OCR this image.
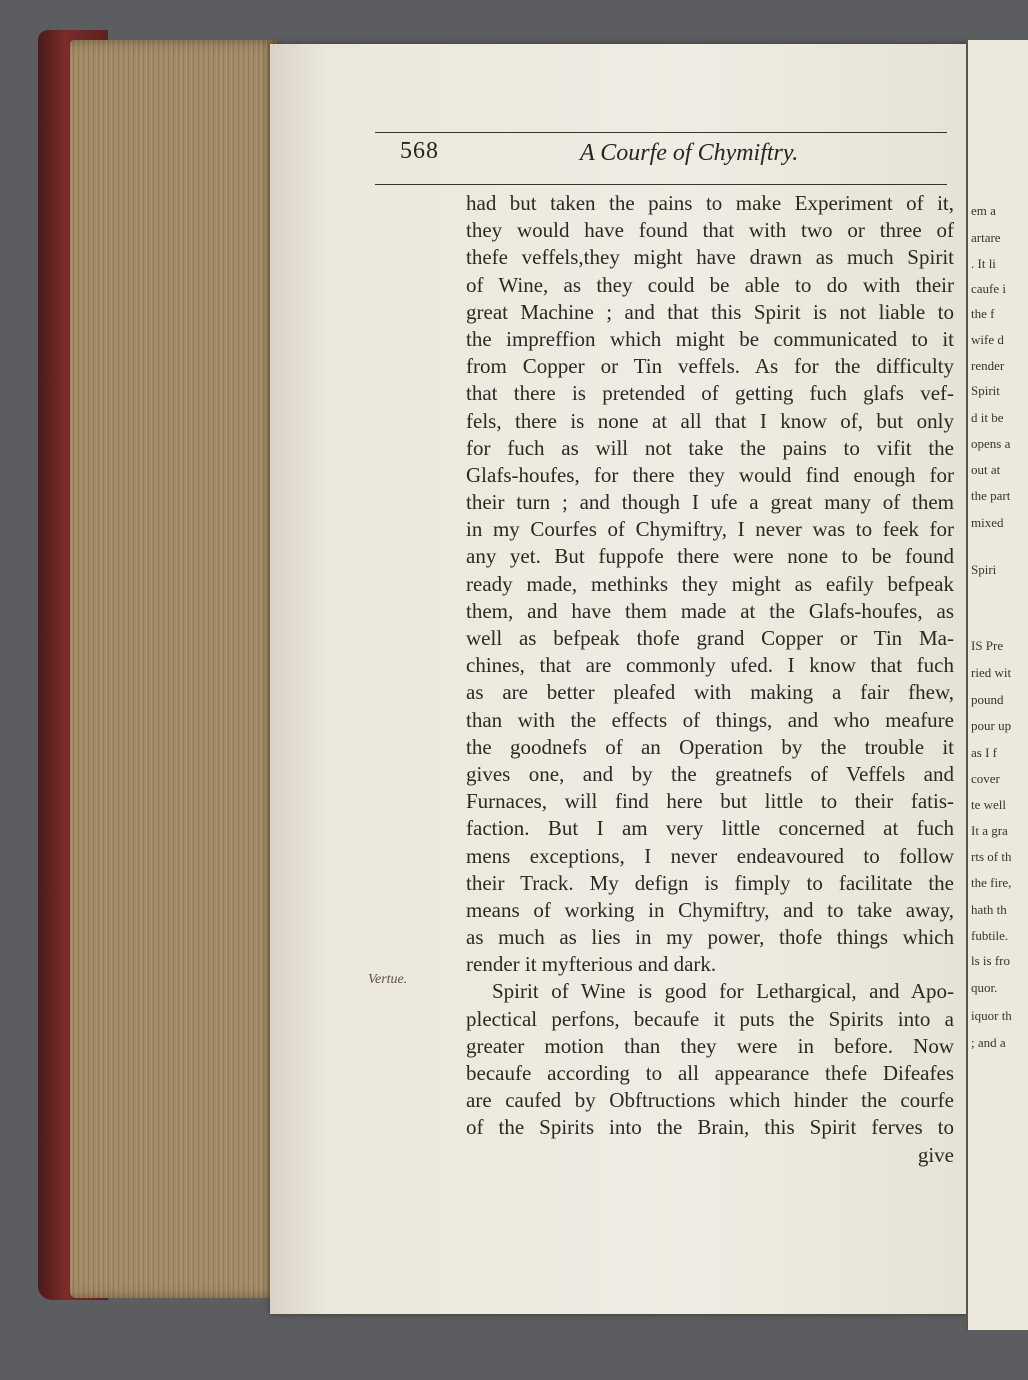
em a
artare
. It li
caufe i
the f
wife d
render
Spirit
d it be
opens a
out at
the part
mixed
Spiri
IS Pre
ried wit
pound
pour up
as I f
cover
te well
It a gra
rts of th
the fire,
hath th
fubtile.
ls is fro
quor.
iquor th
; and a
568	A Courfe of Chymiftry.
Vertue.
had but taken the pains to make Experiment of it,
they would have found that with two or three of
thefe veffels,they might have drawn as much Spirit
of Wine, as they could be able to do with their
great Machine ; and that this Spirit is not liable to
the impreffion which might be communicated to it
from Copper or Tin veffels. As for the difficulty
that there is pretended of getting fuch glafs vef-
fels, there is none at all that I know of, but only
for fuch as will not take the pains to vifit the
Glafs-houfes, for there they would find enough for
their turn ; and though I ufe a great many of them
in my Courfes of Chymiftry, I never was to feek for
any yet. But fuppofe there were none to be found
ready made, methinks they might as eafily befpeak
them, and have them made at the Glafs-houfes, as
well as befpeak thofe grand Copper or Tin Ma-
chines, that are commonly ufed. I know that fuch
as are better pleafed with making a fair fhew,
than with the effects of things, and who meafure
the goodnefs of an Operation by the trouble it
gives one, and by the greatnefs of Veffels and
Furnaces, will find here but little to their fatis-
faction. But I am very little concerned at fuch
mens exceptions, I never endeavoured to follow
their Track. My defign is fimply to facilitate the
means of working in Chymiftry, and to take away,
as much as lies in my power, thofe things which
render it myfterious and dark.
Spirit of Wine is good for Lethargical, and Apo-
plectical perfons, becaufe it puts the Spirits into a
greater motion than they were in before. Now
becaufe according to all appearance thefe Difeafes
are caufed by Obftructions which hinder the courfe
of the Spirits into the Brain, this Spirit ferves to
give
